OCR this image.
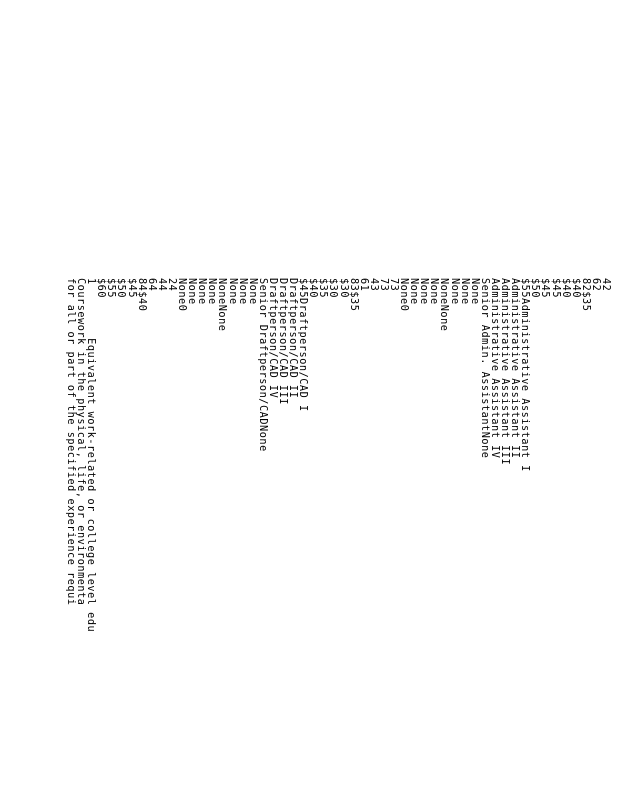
42
62
82$35
$40
$40
$45
$45
$50
$55Administrative Assistant I
Administrative Assistant II
Administrative Assistant III
Administrative Assistant IV
Senior Admin. AssistantNone
None
None
None
NoneNone
None
None
None
None0
73
73
43
61
83$35
$30
$30
$35
$40
$45Draftperson/CAD I
Draftperson/CAD II
Draftperson/CAD III
Draftperson/CAD IV
Senior Draftperson/CADNone
None
None
None
NoneNone
None
None
None
None0
24
44
64
84$40
$45
$50
$55
$60
1        Equivalent work-related or college level edu
Coursework in the physical, life, or environmenta
for all or part of the specified experience requi
